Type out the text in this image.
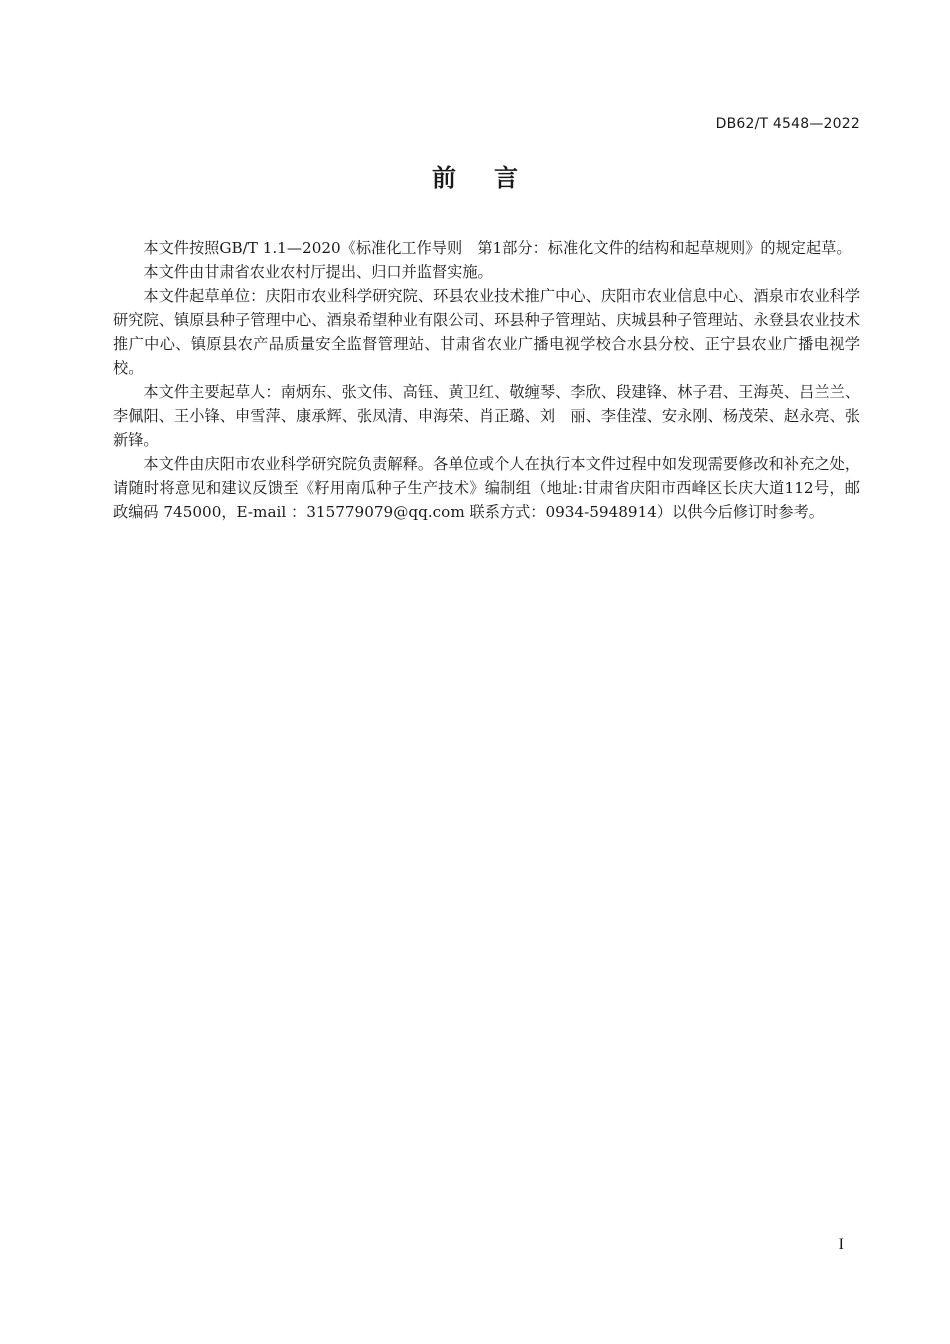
DB62/T 4548—2022
前言

本文件按照GB/T 1.1—2020《标准化工作导则　第1部分：标准化文件的结构和起草规则》的规定起草。

本文件由甘肃省农业农村厅提出、归口并监督实施。

本文件起草单位：庆阳市农业科学研究院、环县农业技术推广中心、庆阳市农业信息中心、酒泉市农业科学研究院、镇原县种子管理中心、酒泉希望种业有限公司、环县种子管理站、庆城县种子管理站、永登县农业技术推广中心、镇原县农产品质量安全监督管理站、甘肃省农业广播电视学校合水县分校、正宁县农业广播电视学校。

本文件主要起草人：南炳东、张文伟、高钰、黄卫红、敬缠琴、李欣、段建锋、林子君、王海英、吕兰兰、李佩阳、王小锋、申雪萍、康承辉、张凤清、申海荣、肖正璐、刘　丽、李佳滢、安永刚、杨茂荣、赵永亮、张新锋。

本文件由庆阳市农业科学研究院负责解释。各单位或个人在执行本文件过程中如发现需要修改和补充之处，请随时将意见和建议反馈至《籽用南瓜种子生产技术》编制组（地址:甘肃省庆阳市西峰区长庆大道112号，邮政编码 745000，E-mail ：315779079@qq.com 联系方式：0934-5948914）以供今后修订时参考。

I
